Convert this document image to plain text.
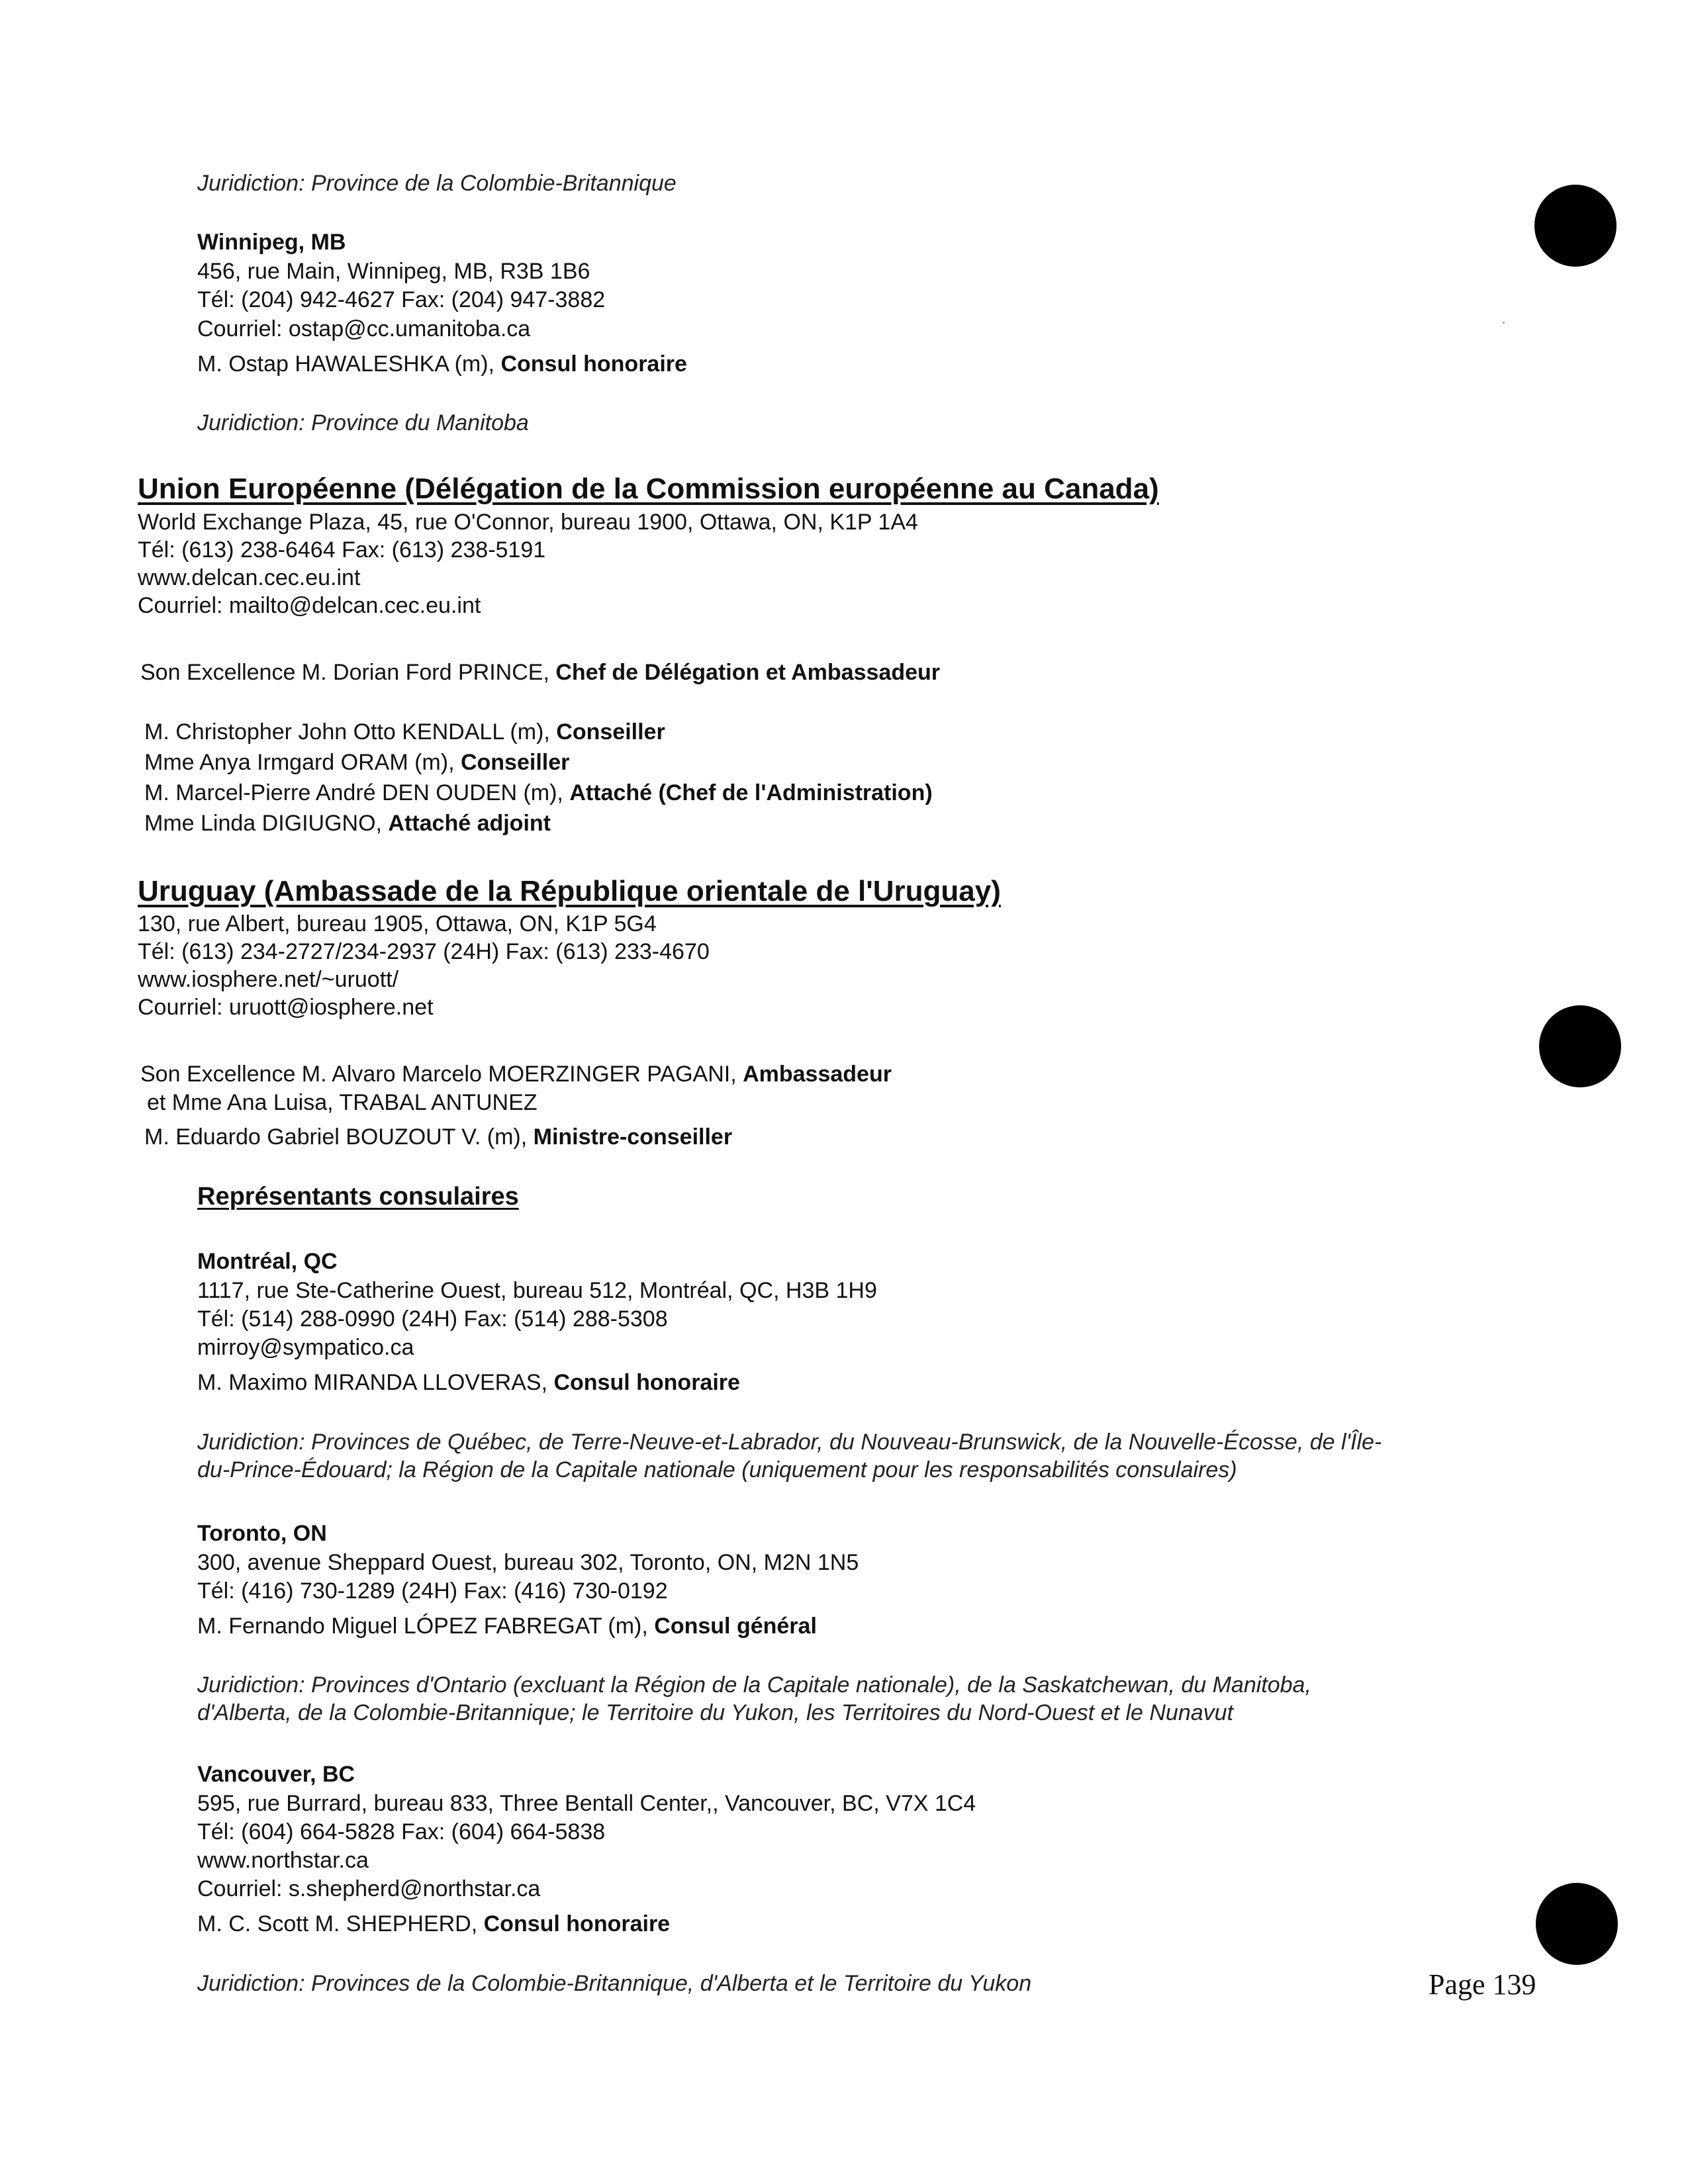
Juridiction: Province de la Colombie-Britannique
Winnipeg, MB
456, rue Main, Winnipeg, MB, R3B 1B6
Tél: (204) 942-4627 Fax: (204) 947-3882
Courriel: ostap@cc.umanitoba.ca
M. Ostap HAWALESHKA (m), Consul honoraire
Juridiction: Province du Manitoba
Union Européenne (Délégation de la Commission européenne au Canada)
World Exchange Plaza, 45, rue O'Connor, bureau 1900, Ottawa, ON, K1P 1A4
Tél: (613) 238-6464 Fax: (613) 238-5191
www.delcan.cec.eu.int
Courriel: mailto@delcan.cec.eu.int
Son Excellence M. Dorian Ford PRINCE, Chef de Délégation et Ambassadeur
M. Christopher John Otto KENDALL (m), Conseiller
Mme Anya Irmgard ORAM (m), Conseiller
M. Marcel-Pierre André DEN OUDEN (m), Attaché (Chef de l'Administration)
Mme Linda DIGIUGNO, Attaché adjoint
Uruguay (Ambassade de la République orientale de l'Uruguay)
130, rue Albert, bureau 1905, Ottawa, ON, K1P 5G4
Tél: (613) 234-2727/234-2937 (24H) Fax: (613) 233-4670
www.iosphere.net/~uruott/
Courriel: uruott@iosphere.net
Son Excellence M. Alvaro Marcelo MOERZINGER PAGANI, Ambassadeur
et Mme Ana Luisa, TRABAL ANTUNEZ
M. Eduardo Gabriel BOUZOUT V. (m), Ministre-conseiller
Représentants consulaires
Montréal, QC
1117, rue Ste-Catherine Ouest, bureau 512, Montréal, QC, H3B 1H9
Tél: (514) 288-0990 (24H) Fax: (514) 288-5308
mirroy@sympatico.ca
M. Maximo MIRANDA LLOVERAS, Consul honoraire
Juridiction: Provinces de Québec, de Terre-Neuve-et-Labrador, du Nouveau-Brunswick, de la Nouvelle-Écosse, de l'Île-
du-Prince-Édouard; la Région de la Capitale nationale (uniquement pour les responsabilités consulaires)
Toronto, ON
300, avenue Sheppard Ouest, bureau 302, Toronto, ON, M2N 1N5
Tél: (416) 730-1289 (24H) Fax: (416) 730-0192
M. Fernando Miguel LÓPEZ FABREGAT (m), Consul général
Juridiction: Provinces d'Ontario (excluant la Région de la Capitale nationale), de la Saskatchewan, du Manitoba,
d'Alberta, de la Colombie-Britannique; le Territoire du Yukon, les Territoires du Nord-Ouest et le Nunavut
Vancouver, BC
595, rue Burrard, bureau 833, Three Bentall Center,, Vancouver, BC, V7X 1C4
Tél: (604) 664-5828 Fax: (604) 664-5838
www.northstar.ca
Courriel: s.shepherd@northstar.ca
M. C. Scott M. SHEPHERD, Consul honoraire
Juridiction: Provinces de la Colombie-Britannique, d'Alberta et le Territoire du Yukon	Page 139
